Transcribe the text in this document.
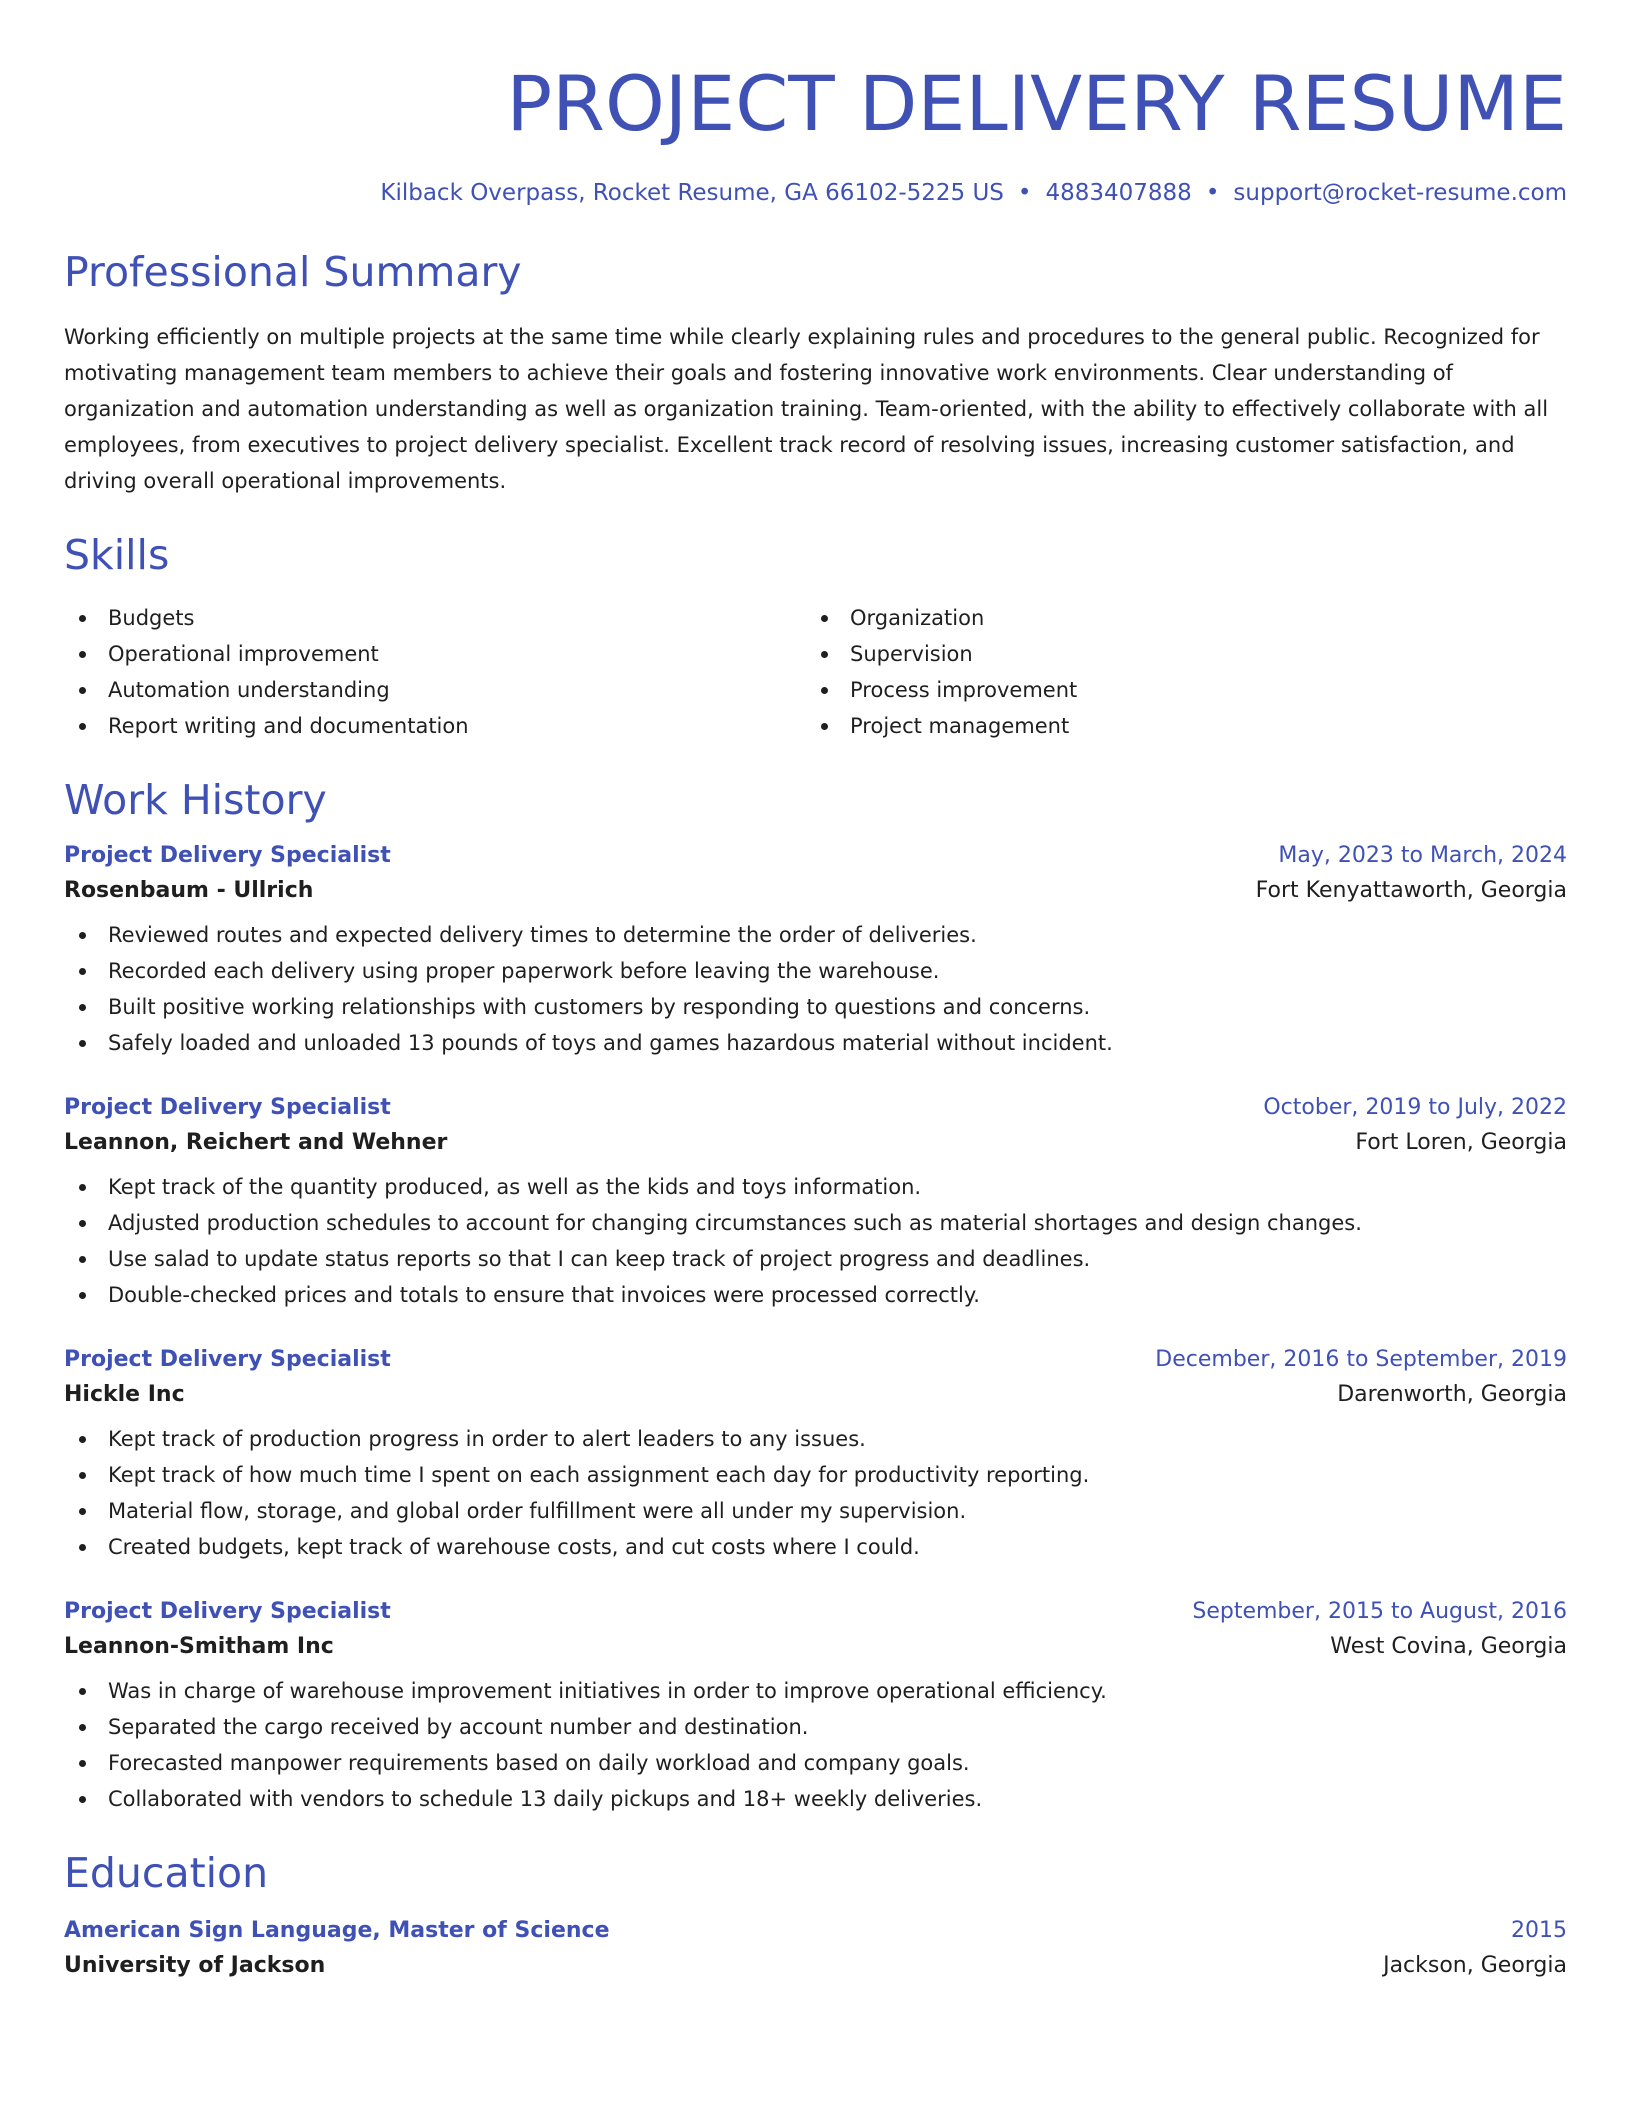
PROJECT DELIVERY RESUME
Kilback Overpass, Rocket Resume, GA 66102-5225 US • 4883407888 • support@rocket-resume.com
Professional Summary
Working efficiently on multiple projects at the same time while clearly explaining rules and procedures to the general public. Recognized for motivating management team members to achieve their goals and fostering innovative work environments. Clear understanding of organization and automation understanding as well as organization training. Team-oriented, with the ability to effectively collaborate with all employees, from executives to project delivery specialist. Excellent track record of resolving issues, increasing customer satisfaction, and driving overall operational improvements.
Skills
Budgets
Operational improvement
Automation understanding
Report writing and documentation
Organization
Supervision
Process improvement
Project management
Work History
Project Delivery Specialist	May, 2023 to March, 2024
Rosenbaum - Ullrich	Fort Kenyattaworth, Georgia
Reviewed routes and expected delivery times to determine the order of deliveries.
Recorded each delivery using proper paperwork before leaving the warehouse.
Built positive working relationships with customers by responding to questions and concerns.
Safely loaded and unloaded 13 pounds of toys and games hazardous material without incident.
Project Delivery Specialist	October, 2019 to July, 2022
Leannon, Reichert and Wehner	Fort Loren, Georgia
Kept track of the quantity produced, as well as the kids and toys information.
Adjusted production schedules to account for changing circumstances such as material shortages and design changes.
Use salad to update status reports so that I can keep track of project progress and deadlines.
Double-checked prices and totals to ensure that invoices were processed correctly.
Project Delivery Specialist	December, 2016 to September, 2019
Hickle Inc	Darenworth, Georgia
Kept track of production progress in order to alert leaders to any issues.
Kept track of how much time I spent on each assignment each day for productivity reporting.
Material flow, storage, and global order fulfillment were all under my supervision.
Created budgets, kept track of warehouse costs, and cut costs where I could.
Project Delivery Specialist	September, 2015 to August, 2016
Leannon-Smitham Inc	West Covina, Georgia
Was in charge of warehouse improvement initiatives in order to improve operational efficiency.
Separated the cargo received by account number and destination.
Forecasted manpower requirements based on daily workload and company goals.
Collaborated with vendors to schedule 13 daily pickups and 18+ weekly deliveries.
Education
American Sign Language, Master of Science	2015
University of Jackson	Jackson, Georgia
